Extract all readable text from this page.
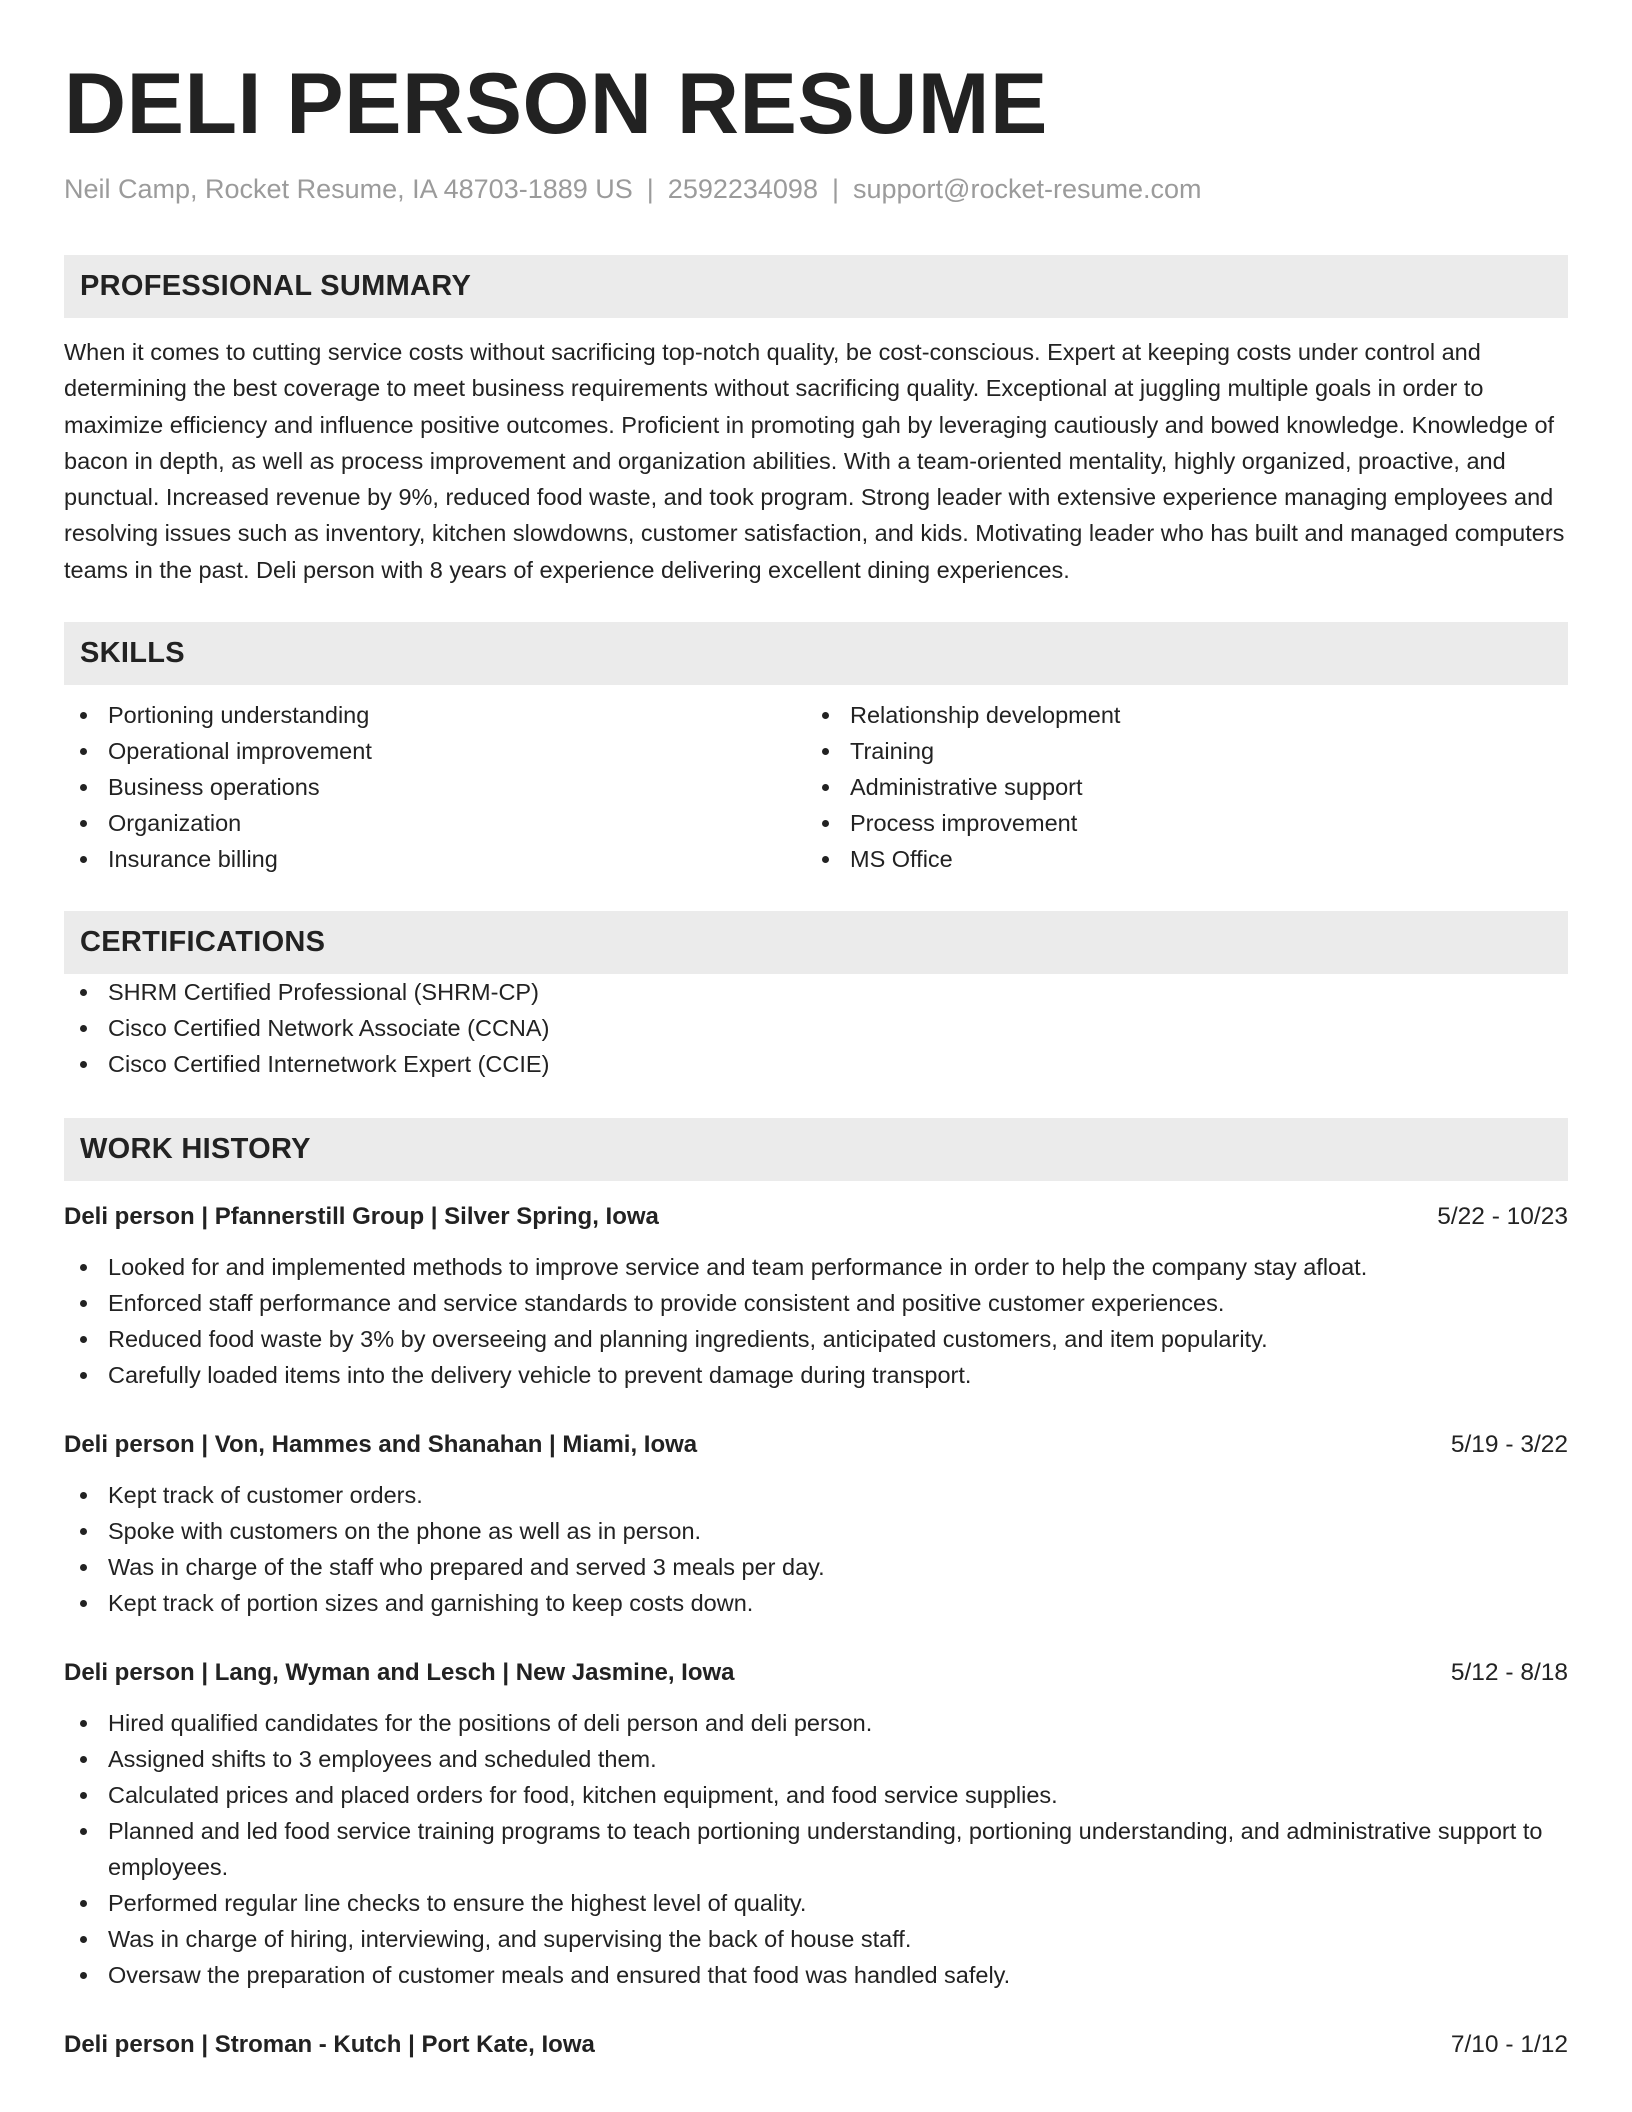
DELI PERSON RESUME
Neil Camp, Rocket Resume, IA 48703-1889 US | 2592234098 | support@rocket-resume.com
PROFESSIONAL SUMMARY

When it comes to cutting service costs without sacrificing top-notch quality, be cost-conscious. Expert at keeping costs under control and determining the best coverage to meet business requirements without sacrificing quality. Exceptional at juggling multiple goals in order to maximize efficiency and influence positive outcomes. Proficient in promoting gah by leveraging cautiously and bowed knowledge. Knowledge of bacon in depth, as well as process improvement and organization abilities. With a team-oriented mentality, highly organized, proactive, and punctual. Increased revenue by 9%, reduced food waste, and took program. Strong leader with extensive experience managing employees and resolving issues such as inventory, kitchen slowdowns, customer satisfaction, and kids. Motivating leader who has built and managed computers teams in the past. Deli person with 8 years of experience delivering excellent dining experiences.

SKILLS
Portioning understanding
Operational improvement
Business operations
Organization
Insurance billing
Relationship development
Training
Administrative support
Process improvement
MS Office
CERTIFICATIONS
SHRM Certified Professional (SHRM-CP)
Cisco Certified Network Associate (CCNA)
Cisco Certified Internetwork Expert (CCIE)
WORK HISTORY
Deli person | Pfannerstill Group | Silver Spring, Iowa	5/22 - 10/23
Looked for and implemented methods to improve service and team performance in order to help the company stay afloat.
Enforced staff performance and service standards to provide consistent and positive customer experiences.
Reduced food waste by 3% by overseeing and planning ingredients, anticipated customers, and item popularity.
Carefully loaded items into the delivery vehicle to prevent damage during transport.
Deli person | Von, Hammes and Shanahan | Miami, Iowa	5/19 - 3/22
Kept track of customer orders.
Spoke with customers on the phone as well as in person.
Was in charge of the staff who prepared and served 3 meals per day.
Kept track of portion sizes and garnishing to keep costs down.
Deli person | Lang, Wyman and Lesch | New Jasmine, Iowa	5/12 - 8/18
Hired qualified candidates for the positions of deli person and deli person.
Assigned shifts to 3 employees and scheduled them.
Calculated prices and placed orders for food, kitchen equipment, and food service supplies.
Planned and led food service training programs to teach portioning understanding, portioning understanding, and administrative support to employees.
Performed regular line checks to ensure the highest level of quality.
Was in charge of hiring, interviewing, and supervising the back of house staff.
Oversaw the preparation of customer meals and ensured that food was handled safely.
Deli person | Stroman - Kutch | Port Kate, Iowa	7/10 - 1/12
